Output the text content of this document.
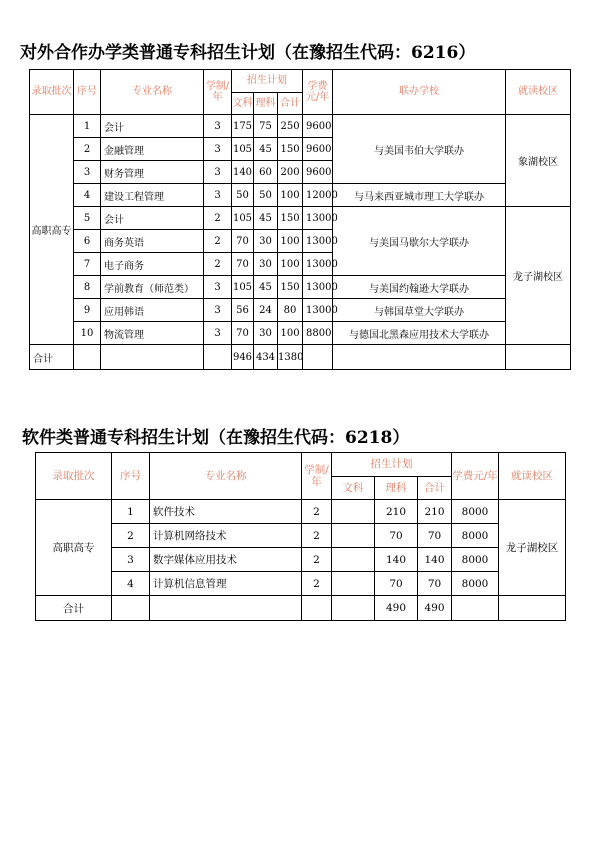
对外合作办学类普通专科招生计划（在豫招生代码：6216）
录取批次	序号	专业名称	学制/年	招生计划			学费元/年	联办学校	就读校区
				文科	理科	合计			
高职高专	1	会计	3	175	75	250	9600	与美国韦伯大学联办	象湖校区
	2	金融管理	3	105	45	150	9600		
	3	财务管理	3	140	60	200	9600		
	4	建设工程管理	3	50	50	100	12000	与马来西亚城市理工大学联办	
	5	会计	2	105	45	150	13000	与美国马歇尔大学联办	龙子湖校区
	6	商务英语	2	70	30	100	13000		
	7	电子商务	2	70	30	100	13000		
	8	学前教育（师范类）	3	105	45	150	13000	与美国约翰逊大学联办	
	9	应用韩语	3	56	24	80	13000	与韩国草堂大学联办	
	10	物流管理	3	70	30	100	8800	与德国北黑森应用技术大学联办	
合计				946	434	1380			
软件类普通专科招生计划（在豫招生代码：6218）
录取批次	序号	专业名称	学制/年	招生计划			学费元/年	就读校区
				文科	理科	合计		
高职高专	1	软件技术	2		210	210	8000	龙子湖校区
	2	计算机网络技术	2		70	70	8000	
	3	数字媒体应用技术	2		140	140	8000	
	4	计算机信息管理	2		70	70	8000	
合计					490	490		
